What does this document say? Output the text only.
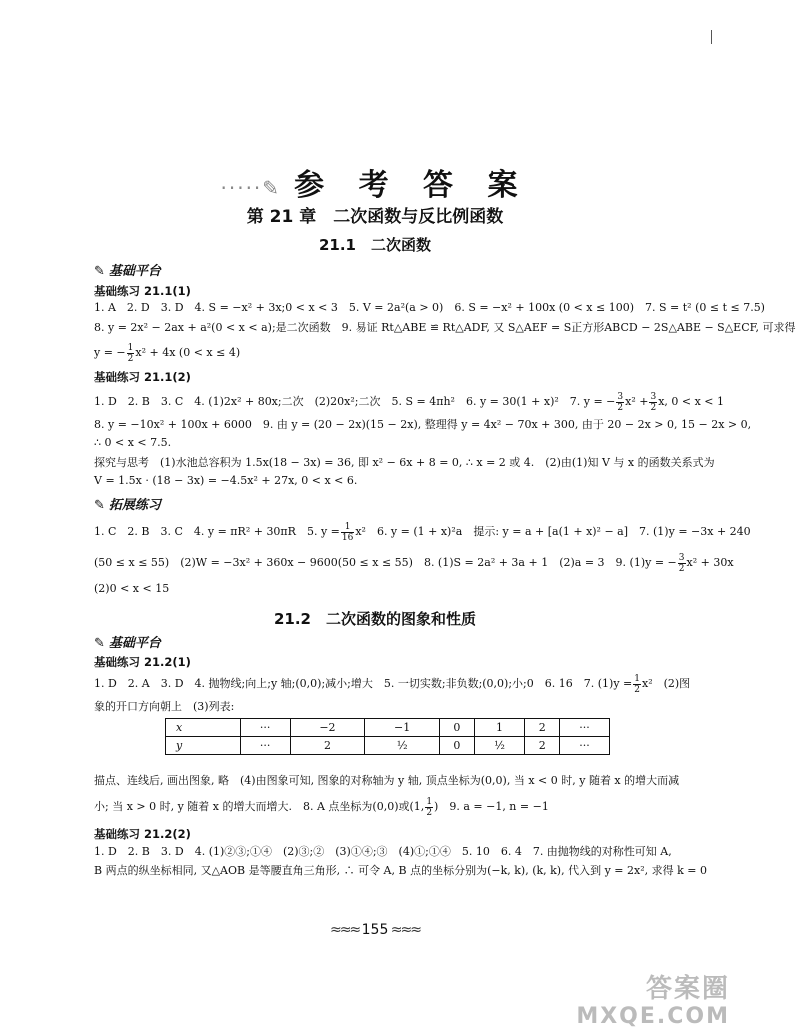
·····✎ 参 考 答 案
第 21 章　二次函数与反比例函数
21.1　二次函数
✎ 基础平台
基础练习 21.1(1)
1. A　2. D　3. D　4. S = −x² + 3x;0 < x < 3　5. V = 2a²(a > 0)　6. S = −x² + 100x (0 < x ≤ 100)　7. S = t² (0 ≤ t ≤ 7.5)
8. y = 2x² − 2ax + a²(0 < x < a);是二次函数　9. 易证 Rt△ABE ≌ Rt△ADF, 又 S△AEF = S正方形ABCD − 2S△ABE − S△ECF, 可求得
y = − $\frac{1}{2} x^2 + 4x$ (0 < x ≤ 4)
基础练习 21.1(2)
1. D　2. B　3. C　4. (1)2x² + 80x;二次　(2)20x²;二次　5. S = 4πh²　6. y = 30(1 + x)²　7. y = − $\frac{3}{2} x^2 + \frac{3}{2} x$, 0 < x < 1
8. y = −10x² + 100x + 6000　9. 由 y = (20 − 2x)(15 − 2x), 整理得 y = 4x² − 70x + 300, 由于 20 − 2x > 0, 15 − 2x > 0,
∴ 0 < x < 7.5.
探究与思考　(1)水池总容积为 1.5x(18 − 3x) = 36, 即 x² − 6x + 8 = 0, ∴ x = 2 或 4.　(2)由(1)知 V 与 x 的函数关系式为
V = 1.5x · (18 − 3x) = −4.5x² + 27x, 0 < x < 6.
✎ 拓展练习
1. C　2. B　3. C　4. y = πR² + 30πR　5. $y = \frac{1}{16} x^2$　6. y = (1 + x)²a　提示: y = a + [a(1 + x)² − a]　7. (1)y = −3x + 240
(50 ≤ x ≤ 55)　(2)W = −3x² + 360x − 9600(50 ≤ x ≤ 55)　8. (1)S = 2a² + 3a + 1　(2)a = 3　9. (1)y = − $\frac{3}{2} x^2 + 30x$
(2)0 < x < 15
21.2　二次函数的图象和性质
✎ 基础平台
基础练习 21.2(1)
1. D　2. A　3. D　4. 抛物线;向上;y 轴;(0,0);减小;增大　5. 一切实数;非负数;(0,0);小;0　6. 16　7. $(1)y = \frac{1}{2} x^2$　(2)图
象的开口方向朝上　(3)列表:
x	···	−2	−1	0	1	2	···
y	···	2	½	0	½	2	···
描点、连线后, 画出图象, 略　(4)由图象可知, 图象的对称轴为 y 轴, 顶点坐标为(0,0), 当 x < 0 时, y 随着 x 的增大而减
小; 当 x > 0 时, y 随着 x 的增大而增大.　8. A 点坐标为(0,0)或(1, $\frac{1}{2}$ )　9. a = −1, n = −1
基础练习 21.2(2)
1. D　2. B　3. D　4. (1)②③;①④　(2)③;②　(3)①④;③　(4)①;①④　5. 10　6. 4　7. 由抛物线的对称性可知 A,
B 两点的纵坐标相同, 又△AOB 是等腰直角三角形, ∴ 可令 A, B 点的坐标分别为(−k, k), (k, k), 代入到 y = 2x², 求得 k = 0
≈≈≈ 155 ≈≈≈
答案圈
MXQE.COM
